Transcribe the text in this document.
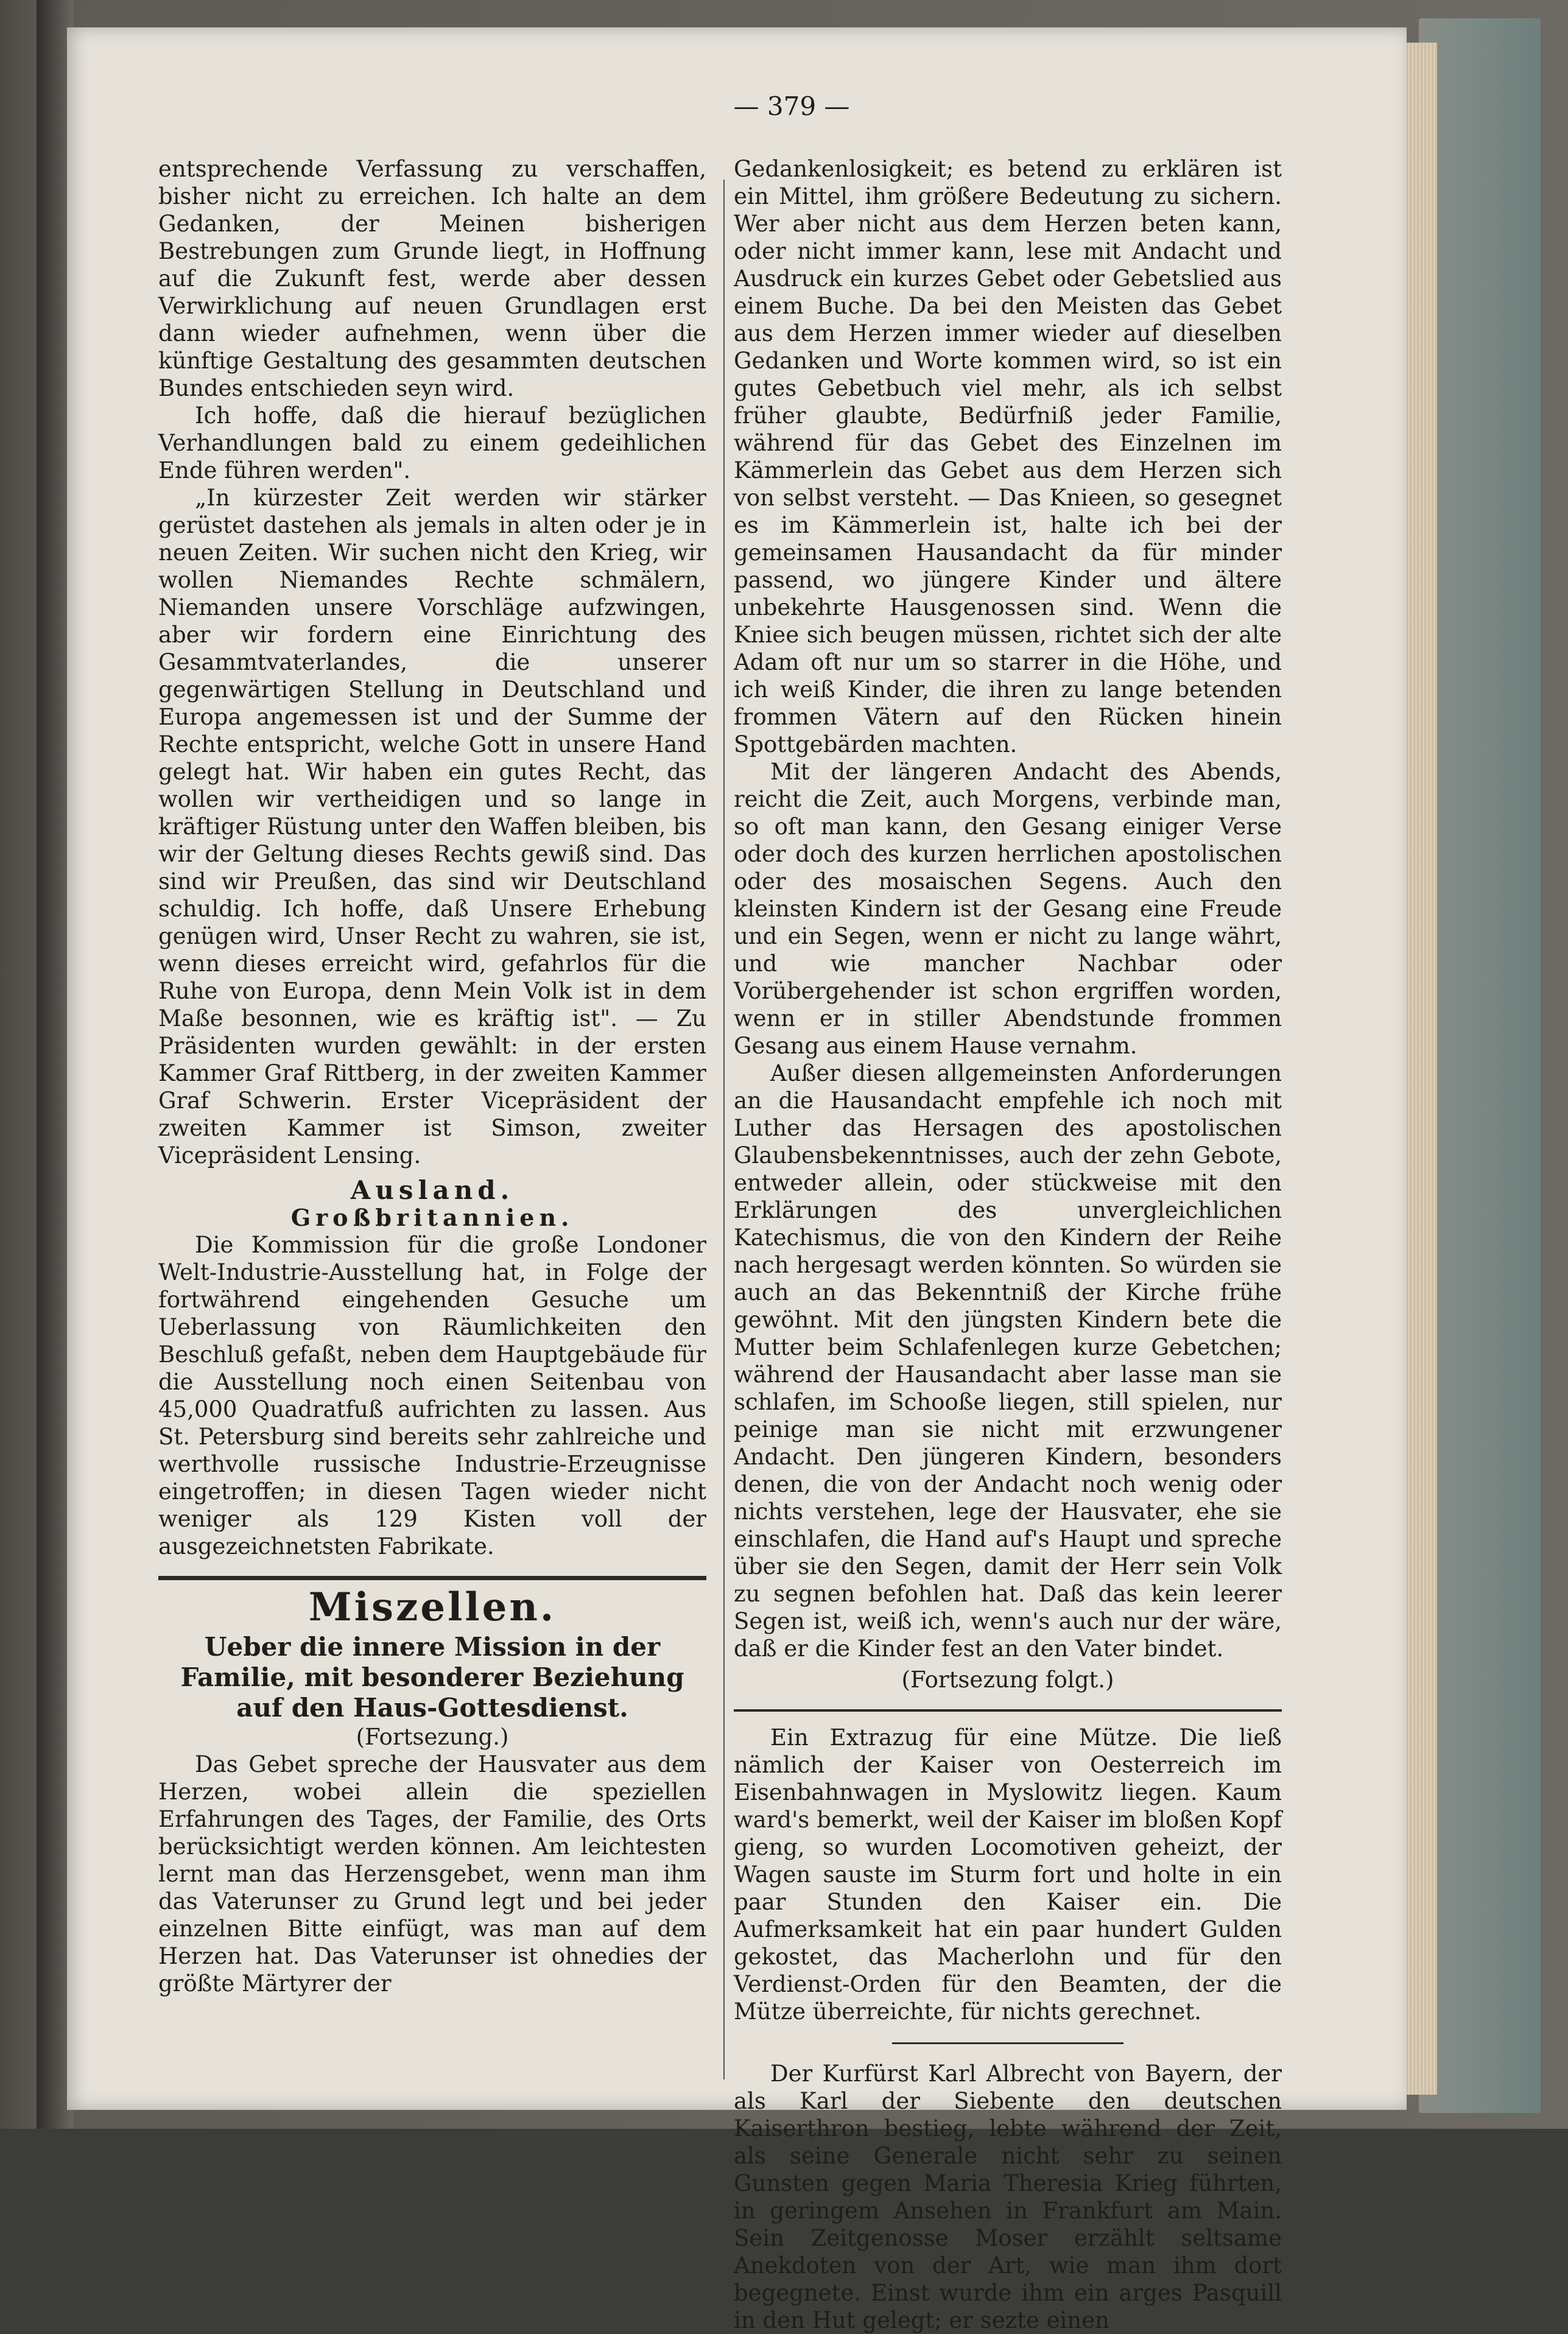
— 379 —

entsprechende Verfassung zu verschaffen, bisher nicht zu erreichen. Ich halte an dem Gedanken, der Meinen bisherigen Bestrebungen zum Grunde liegt, in Hoffnung auf die Zukunft fest, werde aber dessen Verwirklichung auf neuen Grundlagen erst dann wieder aufnehmen, wenn über die künftige Gestaltung des gesammten deutschen Bundes entschieden seyn wird.

Ich hoffe, daß die hierauf bezüglichen Verhandlungen bald zu einem gedeihlichen Ende führen werden".

„In kürzester Zeit werden wir stärker gerüstet dastehen als jemals in alten oder je in neuen Zeiten. Wir suchen nicht den Krieg, wir wollen Niemandes Rechte schmälern, Niemanden unsere Vorschläge aufzwingen, aber wir fordern eine Einrichtung des Gesammtvaterlandes, die unserer gegenwärtigen Stellung in Deutschland und Europa angemessen ist und der Summe der Rechte entspricht, welche Gott in unsere Hand gelegt hat. Wir haben ein gutes Recht, das wollen wir vertheidigen und so lange in kräftiger Rüstung unter den Waffen bleiben, bis wir der Geltung dieses Rechts gewiß sind. Das sind wir Preußen, das sind wir Deutschland schuldig. Ich hoffe, daß Unsere Erhebung genügen wird, Unser Recht zu wahren, sie ist, wenn dieses erreicht wird, gefahrlos für die Ruhe von Europa, denn Mein Volk ist in dem Maße besonnen, wie es kräftig ist". — Zu Präsidenten wurden gewählt: in der ersten Kammer Graf Rittberg, in der zweiten Kammer Graf Schwerin. Erster Vicepräsident der zweiten Kammer ist Simson, zweiter Vicepräsident Lensing.

Ausland.

Großbritannien.

Die Kommission für die große Londoner Welt-Industrie-Ausstellung hat, in Folge der fortwährend eingehenden Gesuche um Ueberlassung von Räumlichkeiten den Beschluß gefaßt, neben dem Hauptgebäude für die Ausstellung noch einen Seitenbau von 45,000 Quadratfuß aufrichten zu lassen. Aus St. Petersburg sind bereits sehr zahlreiche und werthvolle russische Industrie-Erzeugnisse eingetroffen; in diesen Tagen wieder nicht weniger als 129 Kisten voll der ausgezeichnetsten Fabrikate.

Miszellen.

Ueber die innere Mission in der Familie, mit besonderer Beziehung auf den Haus-Gottesdienst.

(Fortsezung.)

Das Gebet spreche der Hausvater aus dem Herzen, wobei allein die speziellen Erfahrungen des Tages, der Familie, des Orts berücksichtigt werden können. Am leichtesten lernt man das Herzensgebet, wenn man ihm das Vaterunser zu Grund legt und bei jeder einzelnen Bitte einfügt, was man auf dem Herzen hat. Das Vaterunser ist ohnedies der größte Märtyrer der

Gedankenlosigkeit; es betend zu erklären ist ein Mittel, ihm größere Bedeutung zu sichern. Wer aber nicht aus dem Herzen beten kann, oder nicht immer kann, lese mit Andacht und Ausdruck ein kurzes Gebet oder Gebetslied aus einem Buche. Da bei den Meisten das Gebet aus dem Herzen immer wieder auf dieselben Gedanken und Worte kommen wird, so ist ein gutes Gebetbuch viel mehr, als ich selbst früher glaubte, Bedürfniß jeder Familie, während für das Gebet des Einzelnen im Kämmerlein das Gebet aus dem Herzen sich von selbst versteht. — Das Knieen, so gesegnet es im Kämmerlein ist, halte ich bei der gemeinsamen Hausandacht da für minder passend, wo jüngere Kinder und ältere unbekehrte Hausgenossen sind. Wenn die Kniee sich beugen müssen, richtet sich der alte Adam oft nur um so starrer in die Höhe, und ich weiß Kinder, die ihren zu lange betenden frommen Vätern auf den Rücken hinein Spottgebärden machten.

Mit der längeren Andacht des Abends, reicht die Zeit, auch Morgens, verbinde man, so oft man kann, den Gesang einiger Verse oder doch des kurzen herrlichen apostolischen oder des mosaischen Segens. Auch den kleinsten Kindern ist der Gesang eine Freude und ein Segen, wenn er nicht zu lange währt, und wie mancher Nachbar oder Vorübergehender ist schon ergriffen worden, wenn er in stiller Abendstunde frommen Gesang aus einem Hause vernahm.

Außer diesen allgemeinsten Anforderungen an die Hausandacht empfehle ich noch mit Luther das Hersagen des apostolischen Glaubensbekenntnisses, auch der zehn Gebote, entweder allein, oder stückweise mit den Erklärungen des unvergleichlichen Katechismus, die von den Kindern der Reihe nach hergesagt werden könnten. So würden sie auch an das Bekenntniß der Kirche frühe gewöhnt. Mit den jüngsten Kindern bete die Mutter beim Schlafenlegen kurze Gebetchen; während der Hausandacht aber lasse man sie schlafen, im Schooße liegen, still spielen, nur peinige man sie nicht mit erzwungener Andacht. Den jüngeren Kindern, besonders denen, die von der Andacht noch wenig oder nichts verstehen, lege der Hausvater, ehe sie einschlafen, die Hand auf's Haupt und spreche über sie den Segen, damit der Herr sein Volk zu segnen befohlen hat. Daß das kein leerer Segen ist, weiß ich, wenn's auch nur der wäre, daß er die Kinder fest an den Vater bindet.

(Fortsezung folgt.)

Ein Extrazug für eine Mütze. Die ließ nämlich der Kaiser von Oesterreich im Eisenbahnwagen in Myslowitz liegen. Kaum ward's bemerkt, weil der Kaiser im bloßen Kopf gieng, so wurden Locomotiven geheizt, der Wagen sauste im Sturm fort und holte in ein paar Stunden den Kaiser ein. Die Aufmerksamkeit hat ein paar hundert Gulden gekostet, das Macherlohn und für den Verdienst-Orden für den Beamten, der die Mütze überreichte, für nichts gerechnet.

Der Kurfürst Karl Albrecht von Bayern, der als Karl der Siebente den deutschen Kaiserthron bestieg, lebte während der Zeit, als seine Generale nicht sehr zu seinen Gunsten gegen Maria Theresia Krieg führten, in geringem Ansehen in Frankfurt am Main. Sein Zeitgenosse Moser erzählt seltsame Anekdoten von der Art, wie man ihm dort begegnete. Einst wurde ihm ein arges Pasquill in den Hut gelegt; er sezte einen
